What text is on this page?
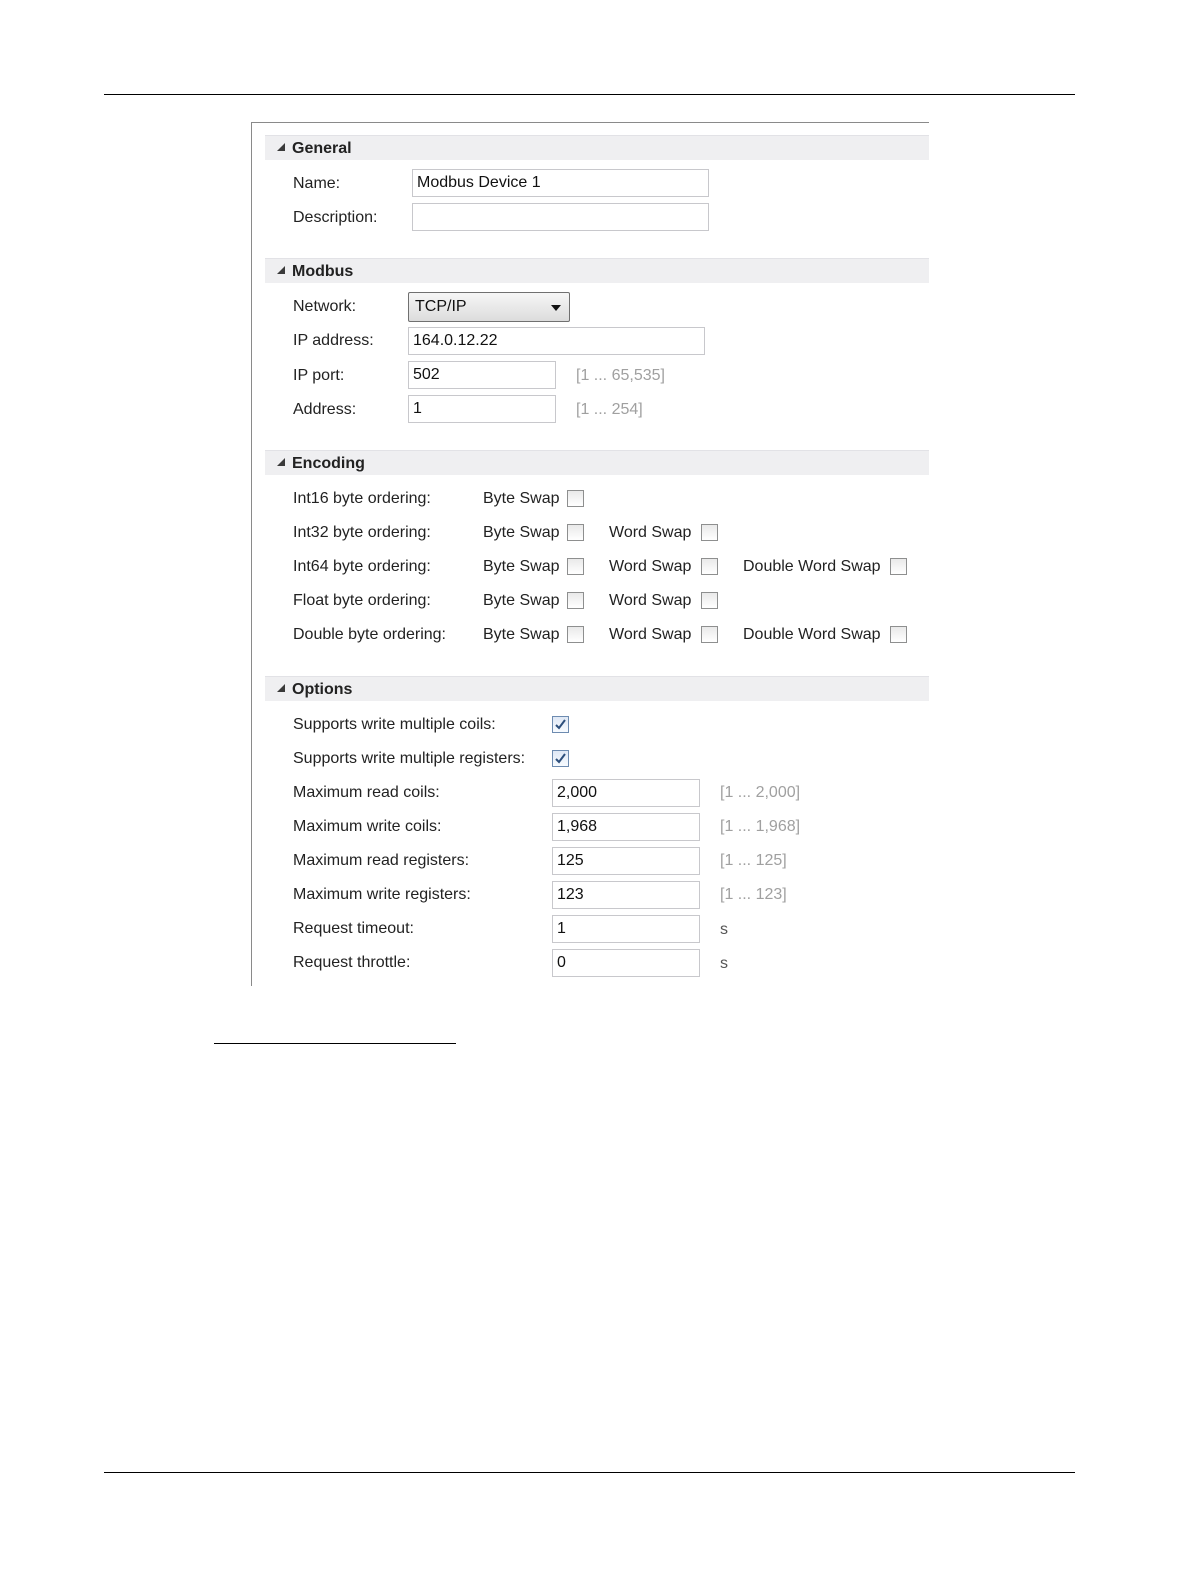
General
Name:	Modbus Device 1
Description:
Modbus
Network:	TCP/IP
IP address:	164.0.12.22
IP port:	502	[1 ... 65,535]
Address:	1	[1 ... 254]
Encoding
Int16 byte ordering:	Byte Swap
Int32 byte ordering:	Byte Swap	Word Swap
Int64 byte ordering:	Byte Swap	Word Swap	Double Word Swap
Float byte ordering:	Byte Swap	Word Swap
Double byte ordering: Byte Swap	Word Swap	Double Word Swap
Options
Supports write multiple coils:
Supports write multiple registers:
Maximum read coils:	2,000	[1 ... 2,000]
Maximum write coils:	1,968	[1 ... 1,968]
Maximum read registers:	125	[1 ... 125]
Maximum write registers:	123	[1 ... 123]
Request timeout:	1	s
Request throttle:	0	s
